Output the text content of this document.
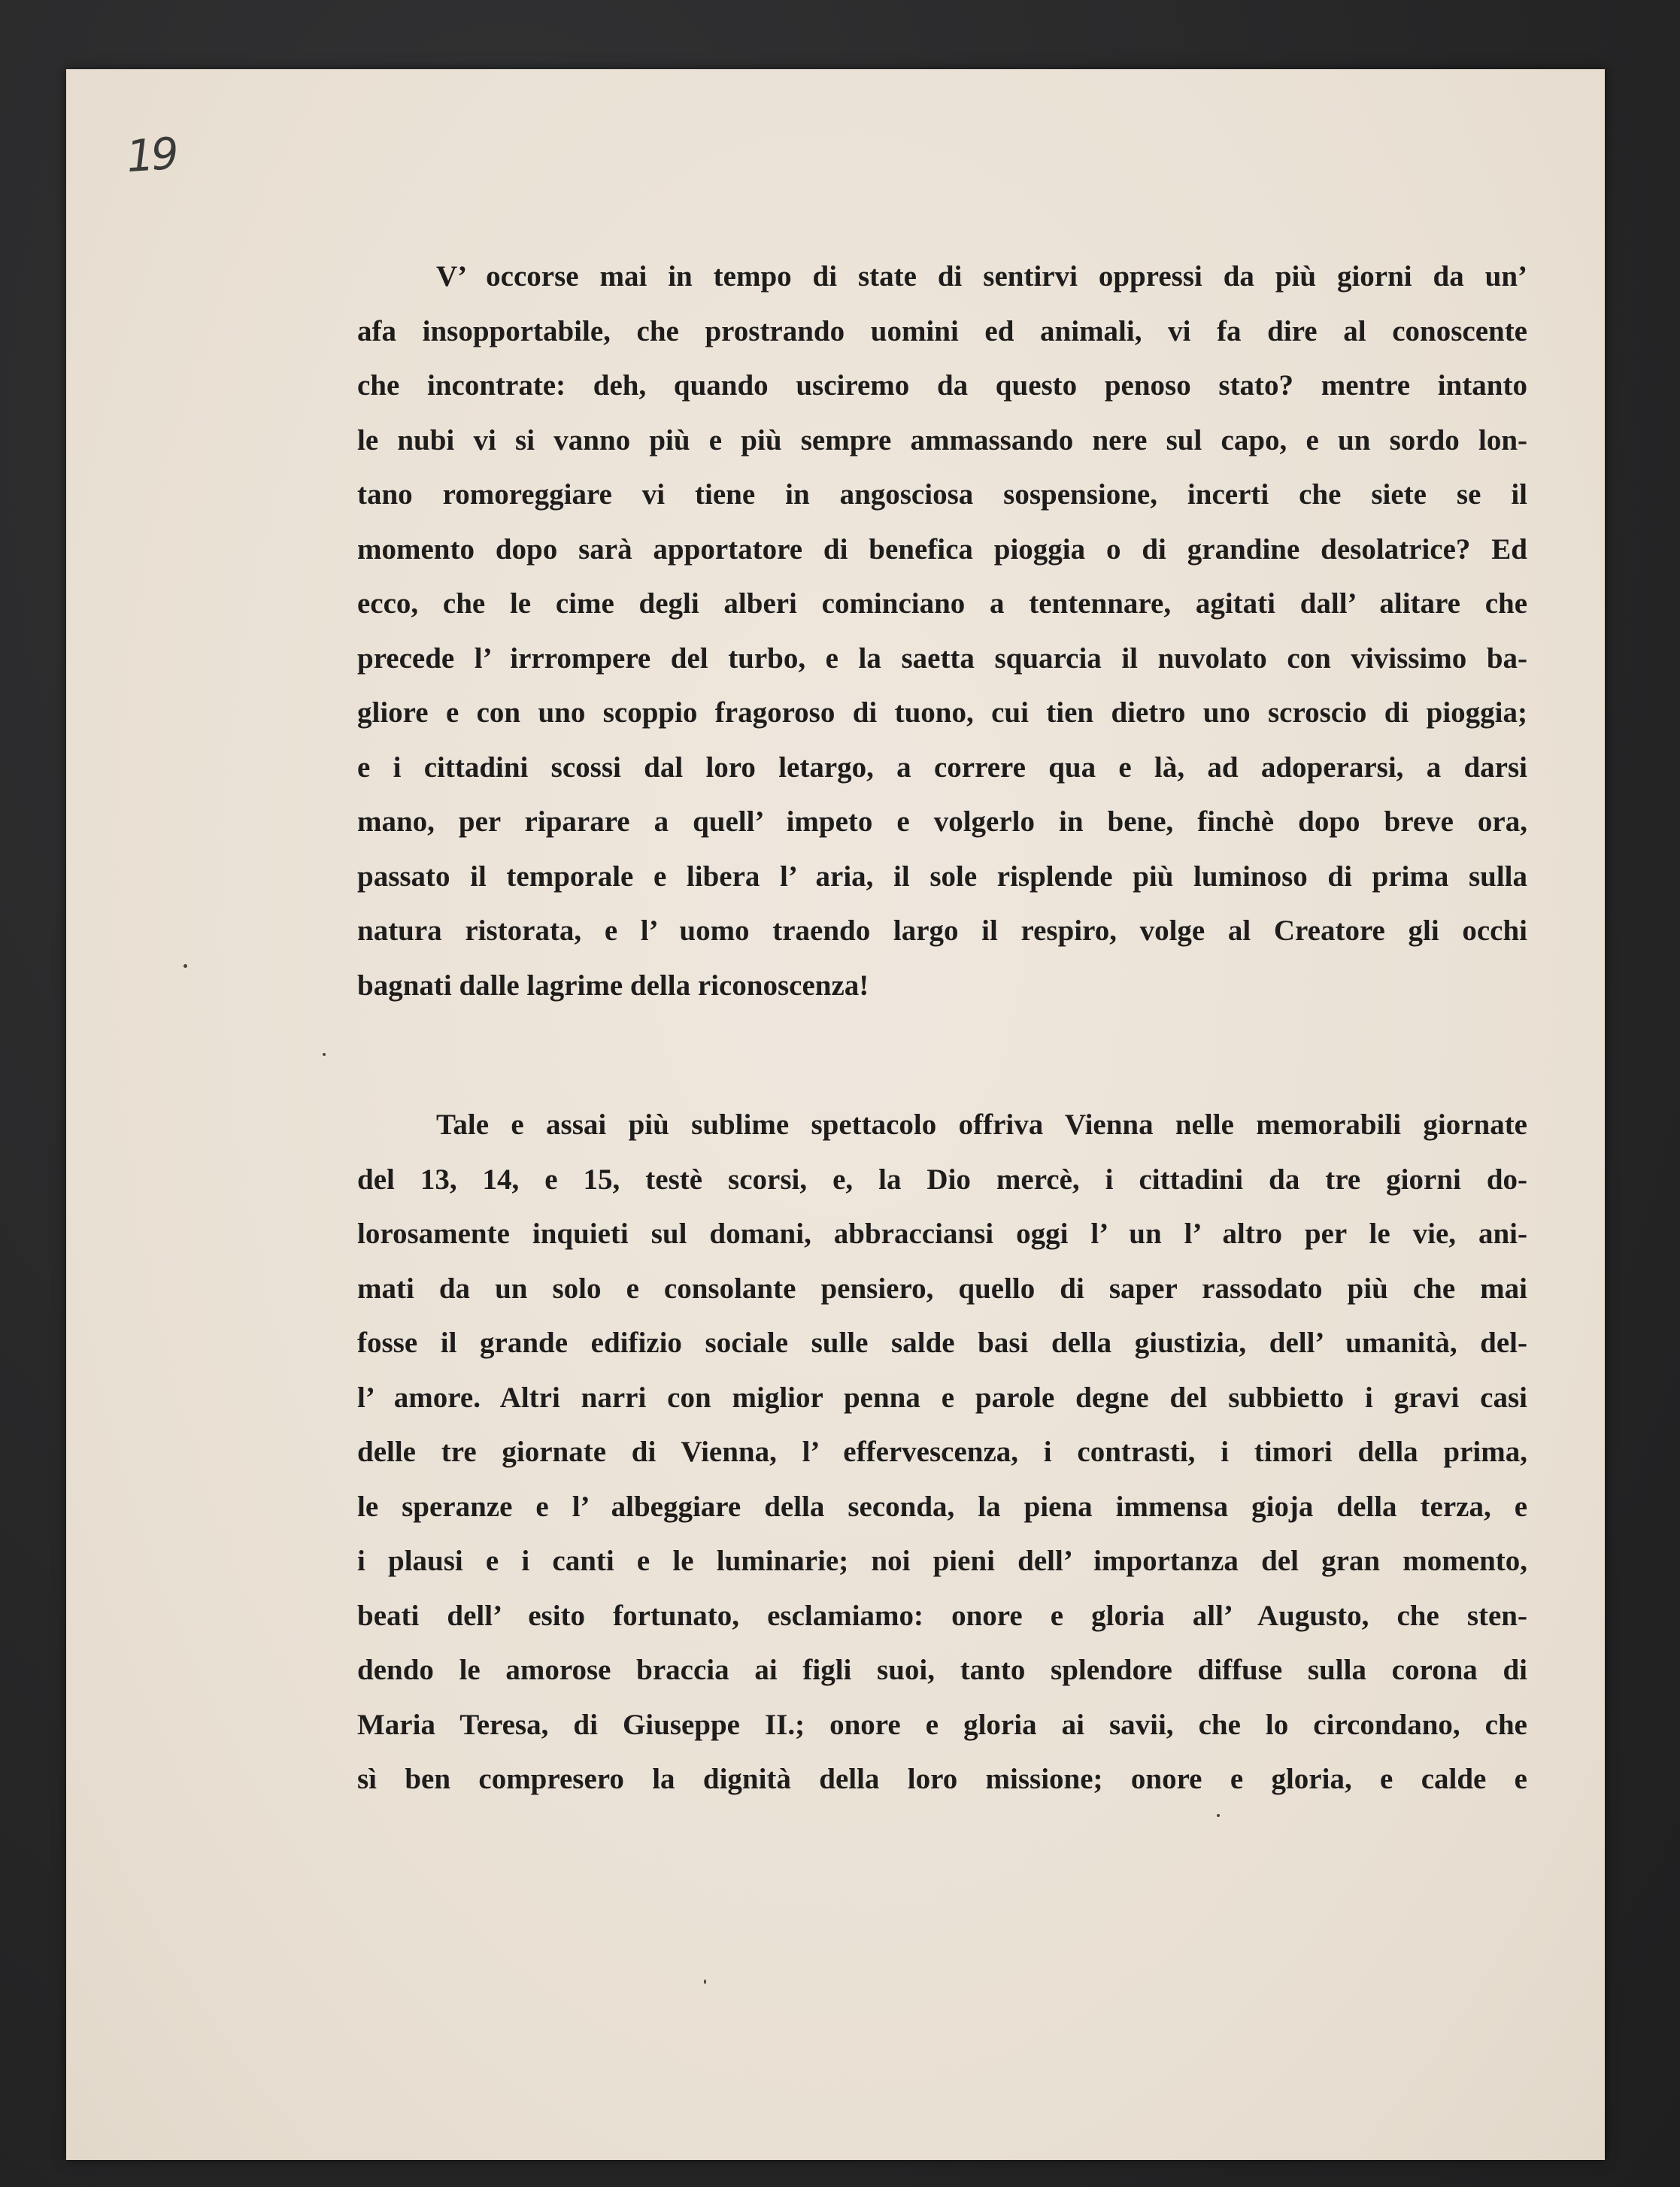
19
V’ occorse mai in tempo di state di sentirvi oppressi da più giorni da un’
afa insopportabile, che prostrando uomini ed animali, vi fa dire al conoscente
che incontrate: deh, quando usciremo da questo penoso stato? mentre intanto
le nubi vi si vanno più e più sempre ammassando nere sul capo, e un sordo lon-
tano romoreggiare vi tiene in angosciosa sospensione, incerti che siete se il
momento dopo sarà apportatore di benefica pioggia o di grandine desolatrice? Ed
ecco, che le cime degli alberi cominciano a tentennare, agitati dall’ alitare che
precede l’ irrrompere del turbo, e la saetta squarcia il nuvolato con vivissimo ba-
gliore e con uno scoppio fragoroso di tuono, cui tien dietro uno scroscio di pioggia;
e i cittadini scossi dal loro letargo, a correre qua e là, ad adoperarsi, a darsi
mano, per riparare a quell’ impeto e volgerlo in bene, finchè dopo breve ora,
passato il temporale e libera l’ aria, il sole risplende più luminoso di prima sulla
natura ristorata, e l’ uomo traendo largo il respiro, volge al Creatore gli occhi
bagnati dalle lagrime della riconoscenza!
Tale e assai più sublime spettacolo offriva Vienna nelle memorabili giornate
del 13, 14, e 15, testè scorsi, e, la Dio mercè, i cittadini da tre giorni do-
lorosamente inquieti sul domani, abbracciansi oggi l’ un l’ altro per le vie, ani-
mati da un solo e consolante pensiero, quello di saper rassodato più che mai
fosse il grande edifizio sociale sulle salde basi della giustizia, dell’ umanità, del-
l’ amore. Altri narri con miglior penna e parole degne del subbietto i gravi casi
delle tre giornate di Vienna, l’ effervescenza, i contrasti, i timori della prima,
le speranze e l’ albeggiare della seconda, la piena immensa gioja della terza, e
i plausi e i canti e le luminarie; noi pieni dell’ importanza del gran momento,
beati dell’ esito fortunato, esclamiamo: onore e gloria all’ Augusto, che sten-
dendo le amorose braccia ai figli suoi, tanto splendore diffuse sulla corona di
Maria Teresa, di Giuseppe II.; onore e gloria ai savii, che lo circondano, che
sì ben compresero la dignità della loro missione; onore e gloria, e calde e
